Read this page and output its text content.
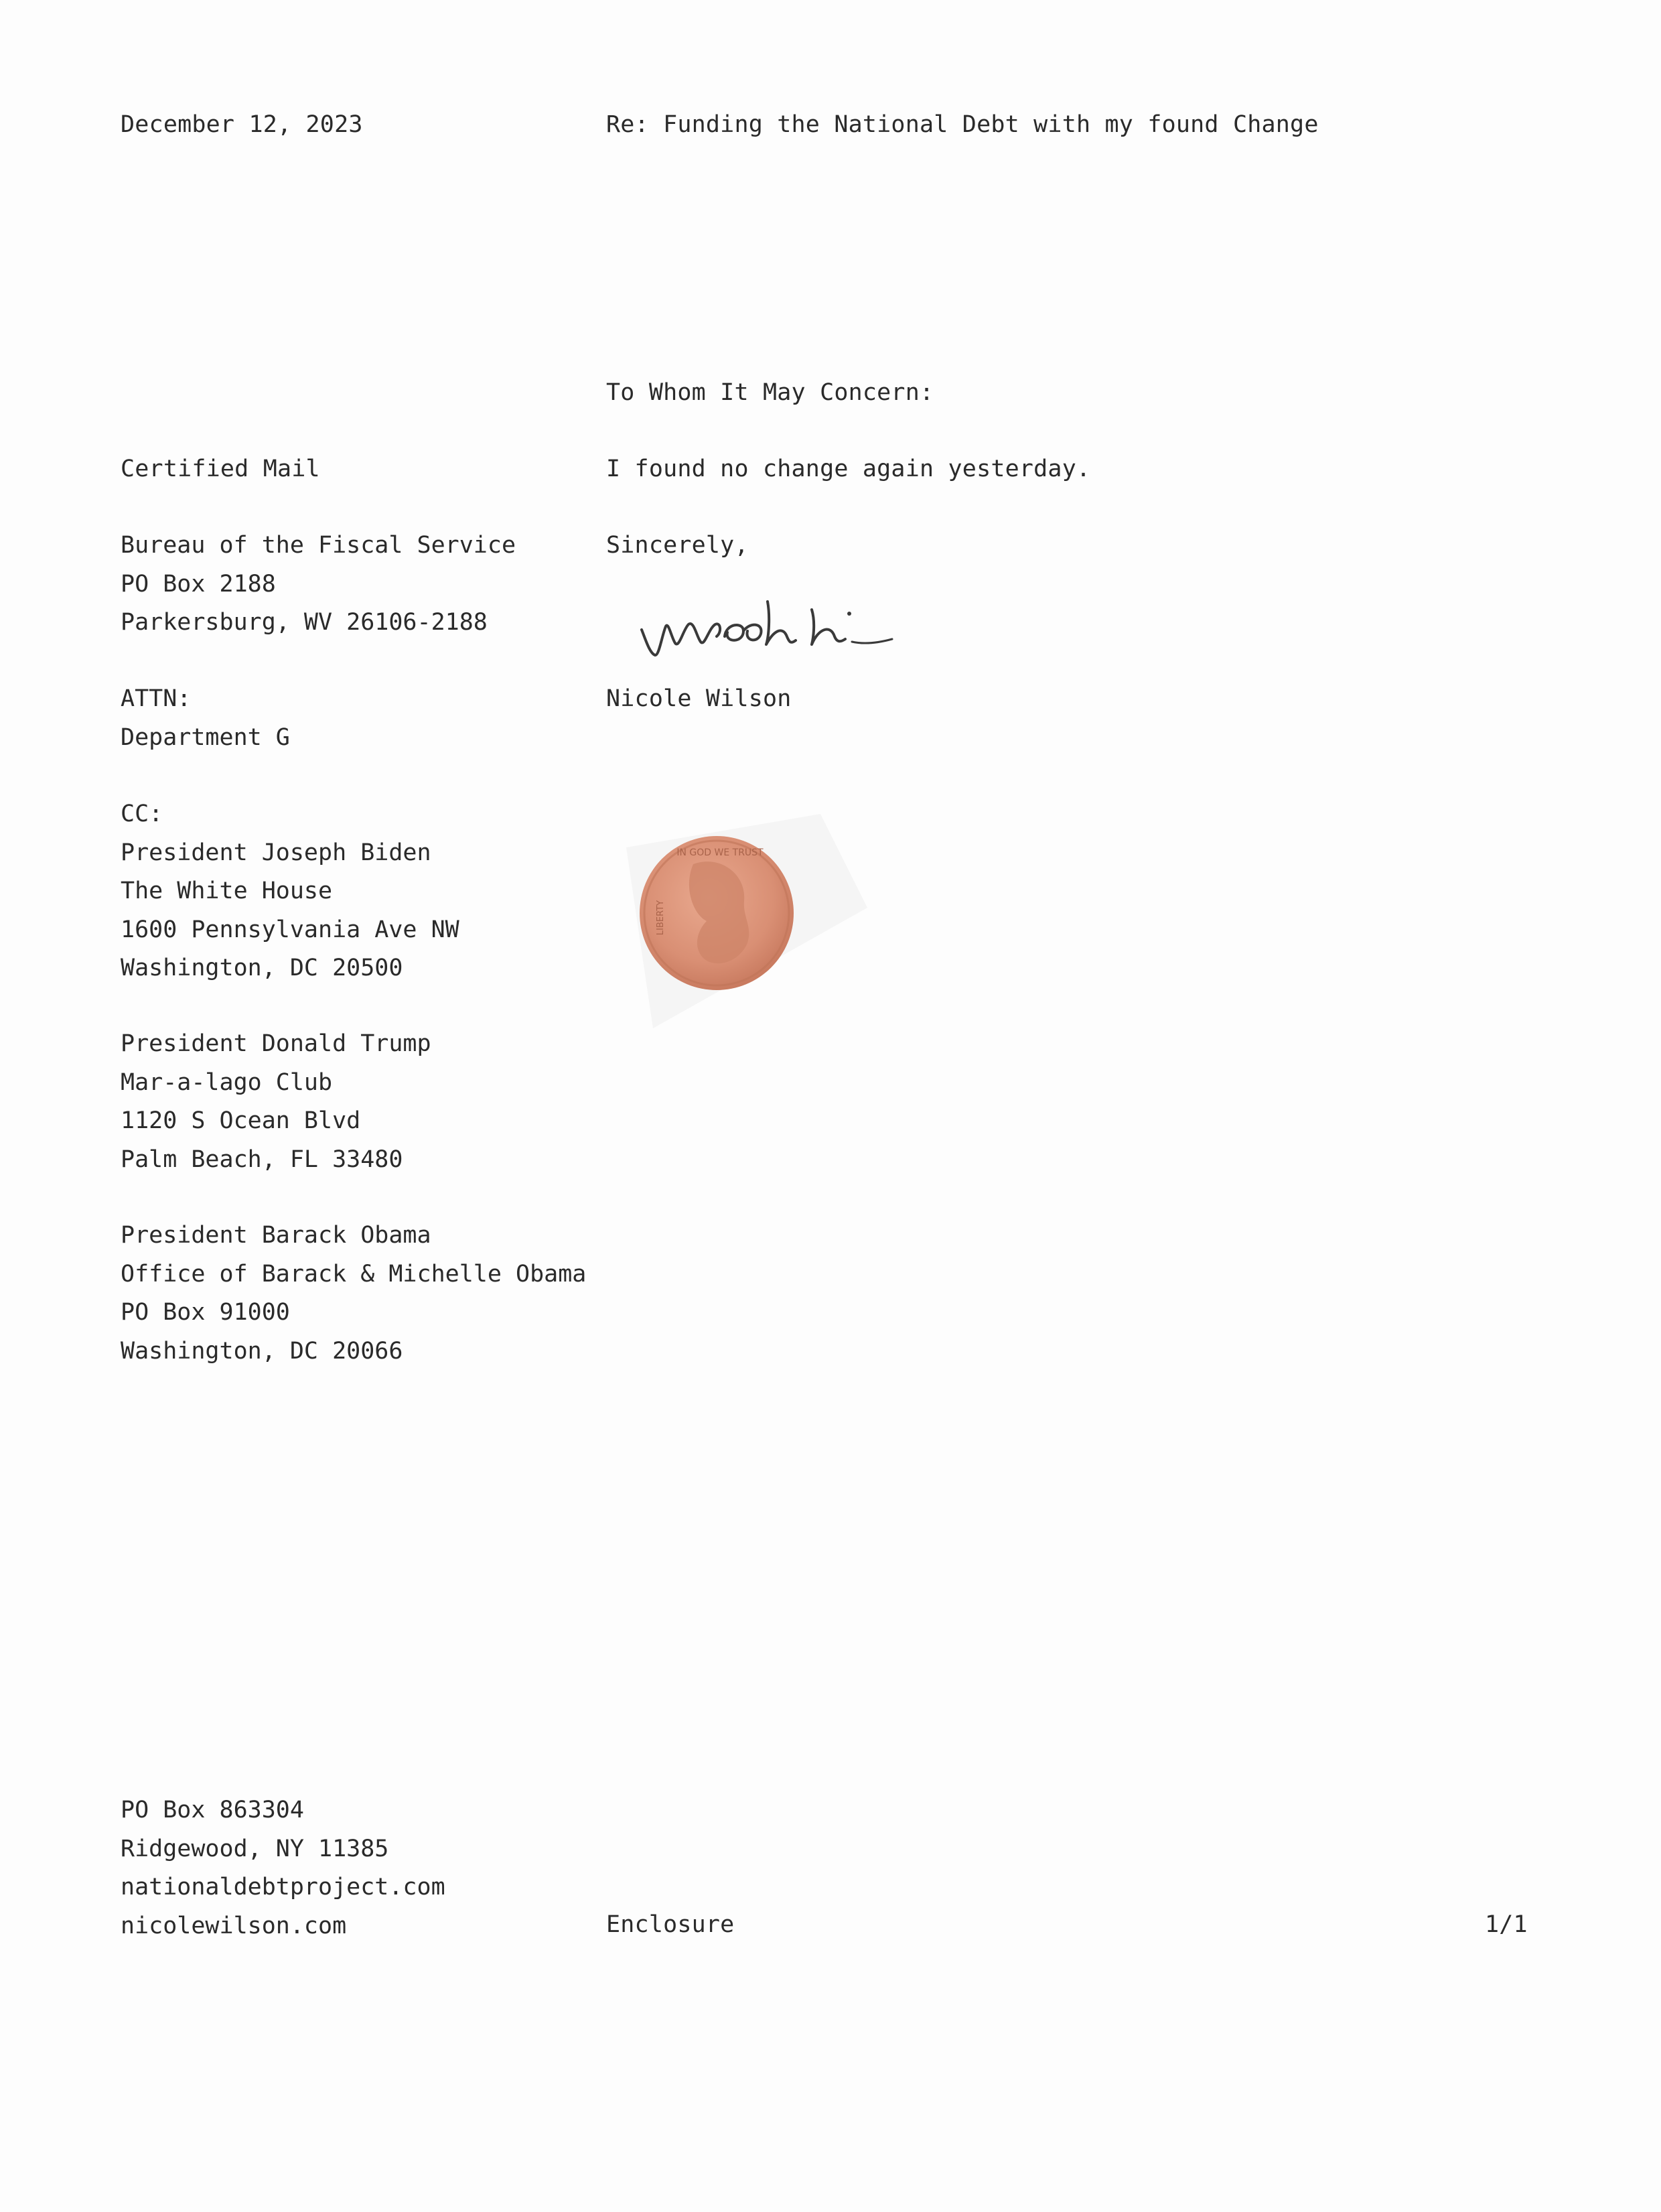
December 12, 2023	Re: Funding the National Debt with my found Change
To Whom It May Concern:
I found no change again yesterday.
Sincerely,
Nicole Wilson
IN GOD WE TRUST
LIBERTY
Certified Mail
Bureau of the Fiscal Service
PO Box 2188
Parkersburg, WV 26106-2188
ATTN:
Department G
CC:
President Joseph Biden
The White House
1600 Pennsylvania Ave NW
Washington, DC 20500
President Donald Trump
Mar-a-lago Club
1120 S Ocean Blvd
Palm Beach, FL 33480
President Barack Obama
Office of Barack & Michelle Obama
PO Box 91000
Washington, DC 20066
PO Box 863304
Ridgewood, NY 11385
nationaldebtproject.com
nicolewilson.com	Enclosure	1/1
